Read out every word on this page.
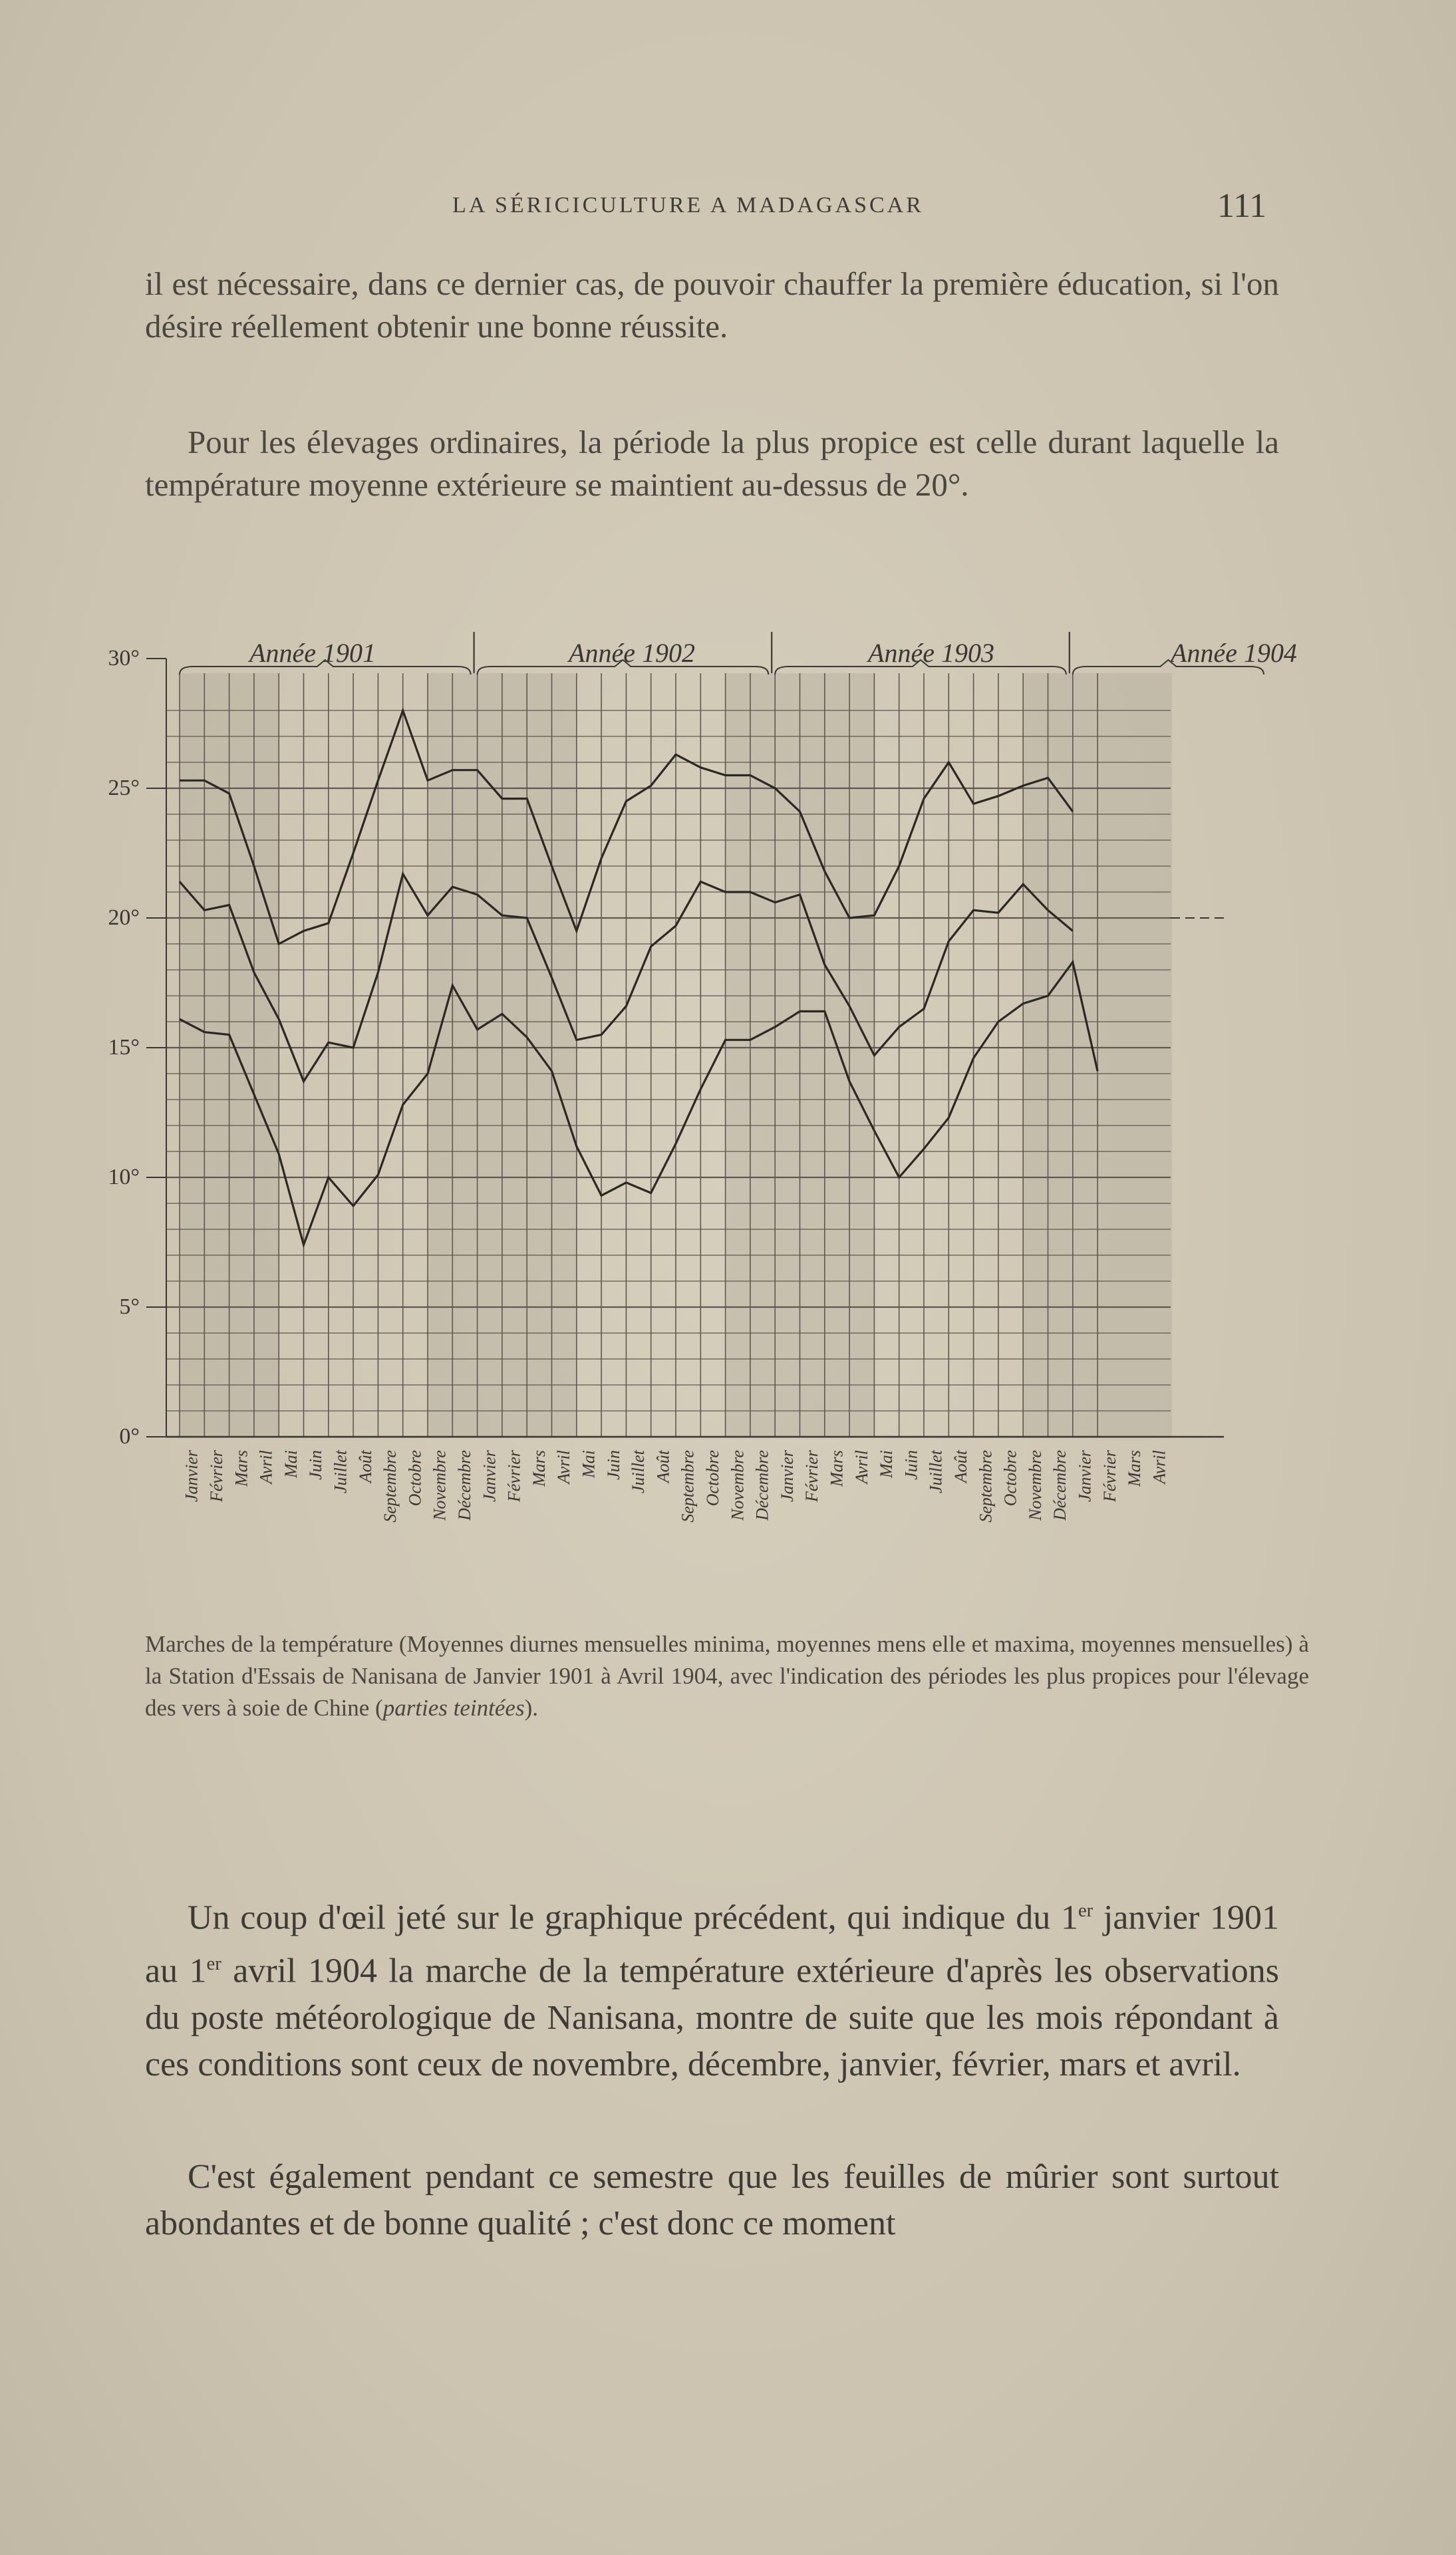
LA SÉRICICULTURE A MADAGASCAR	111

il est nécessaire, dans ce dernier cas, de pouvoir chauffer la première éducation, si l'on désire réellement obtenir une bonne réussite.

Pour les élevages ordinaires, la période la plus propice est celle durant laquelle la température moyenne extérieure se maintient au-dessus de 20°.

0°
5°
10°
15°
20°
25°
30°	Année 1901	Année 1902	Année 1903	Année 1904
Janvier Février Mars Avril Mai Juin Juillet Août Septembre Octobre Novembre Décembre Janvier Février Mars Avril Mai Juin Juillet Août Septembre Octobre Novembre Décembre Janvier Février Mars Avril Mai Juin Juillet Août Septembre Octobre Novembre Décembre Janvier Février Mars Avril

Marches de la température (Moyennes diurnes mensuelles minima, moyennes mens elle et maxima, moyennes mensuelles) à la Station d'Essais de Nanisana de Janvier 1901 à Avril 1904, avec l'indication des périodes les plus propices pour l'élevage des vers à soie de Chine (parties teintées).

Un coup d'œil jeté sur le graphique précédent, qui indique du 1er janvier 1901 au 1er avril 1904 la marche de la température extérieure d'après les observations du poste météorologique de Nanisana, montre de suite que les mois répondant à ces conditions sont ceux de novembre, décembre, janvier, février, mars et avril.

C'est également pendant ce semestre que les feuilles de mûrier sont surtout abondantes et de bonne qualité ; c'est donc ce moment
